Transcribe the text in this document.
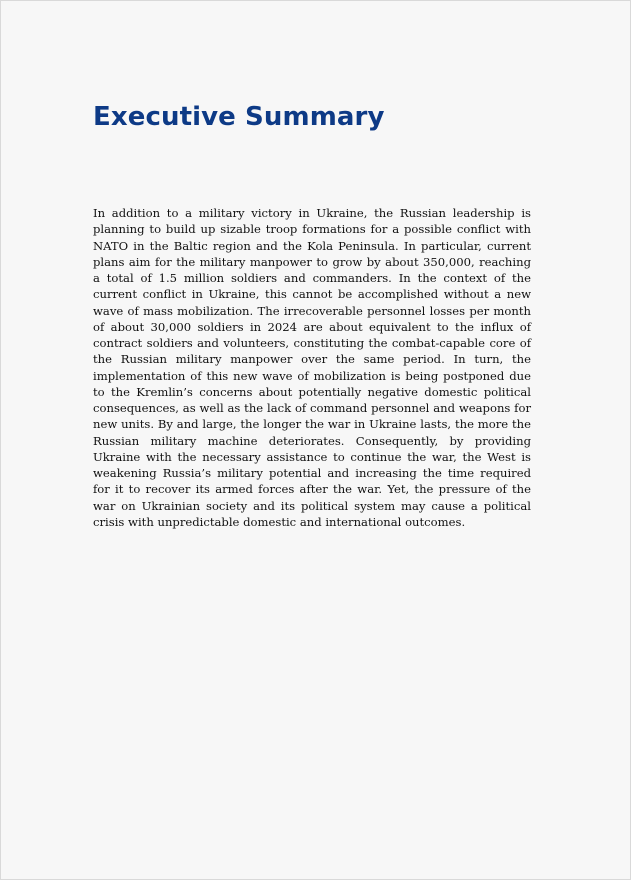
Executive Summary

In addition to a military victory in Ukraine, the Russian leadership is planning to build up sizable troop formations for a possible conflict with NATO in the Baltic region and the Kola Peninsula. In particular, current plans aim for the military manpower to grow by about 350,000, reaching a total of 1.5 million soldiers and commanders. In the context of the current conflict in Ukraine, this cannot be accomplished without a new wave of mass mobilization. The irrecoverable personnel losses per month of about 30,000 soldiers in 2024 are about equivalent to the influx of contract soldiers and volunteers, constituting the combat-capable core of the Russian military manpower over the same period. In turn, the implementation of this new wave of mobilization is being postponed due to the Kremlin’s concerns about potentially negative domestic political consequences, as well as the lack of command personnel and weapons for new units. By and large, the longer the war in Ukraine lasts, the more the Russian military machine deteriorates. Consequently, by providing Ukraine with the necessary assistance to continue the war, the West is weakening Russia’s military potential and increasing the time required for it to recover its armed forces after the war. Yet, the pressure of the war on Ukrainian society and its political system may cause a political crisis with unpredictable domestic and international outcomes.
